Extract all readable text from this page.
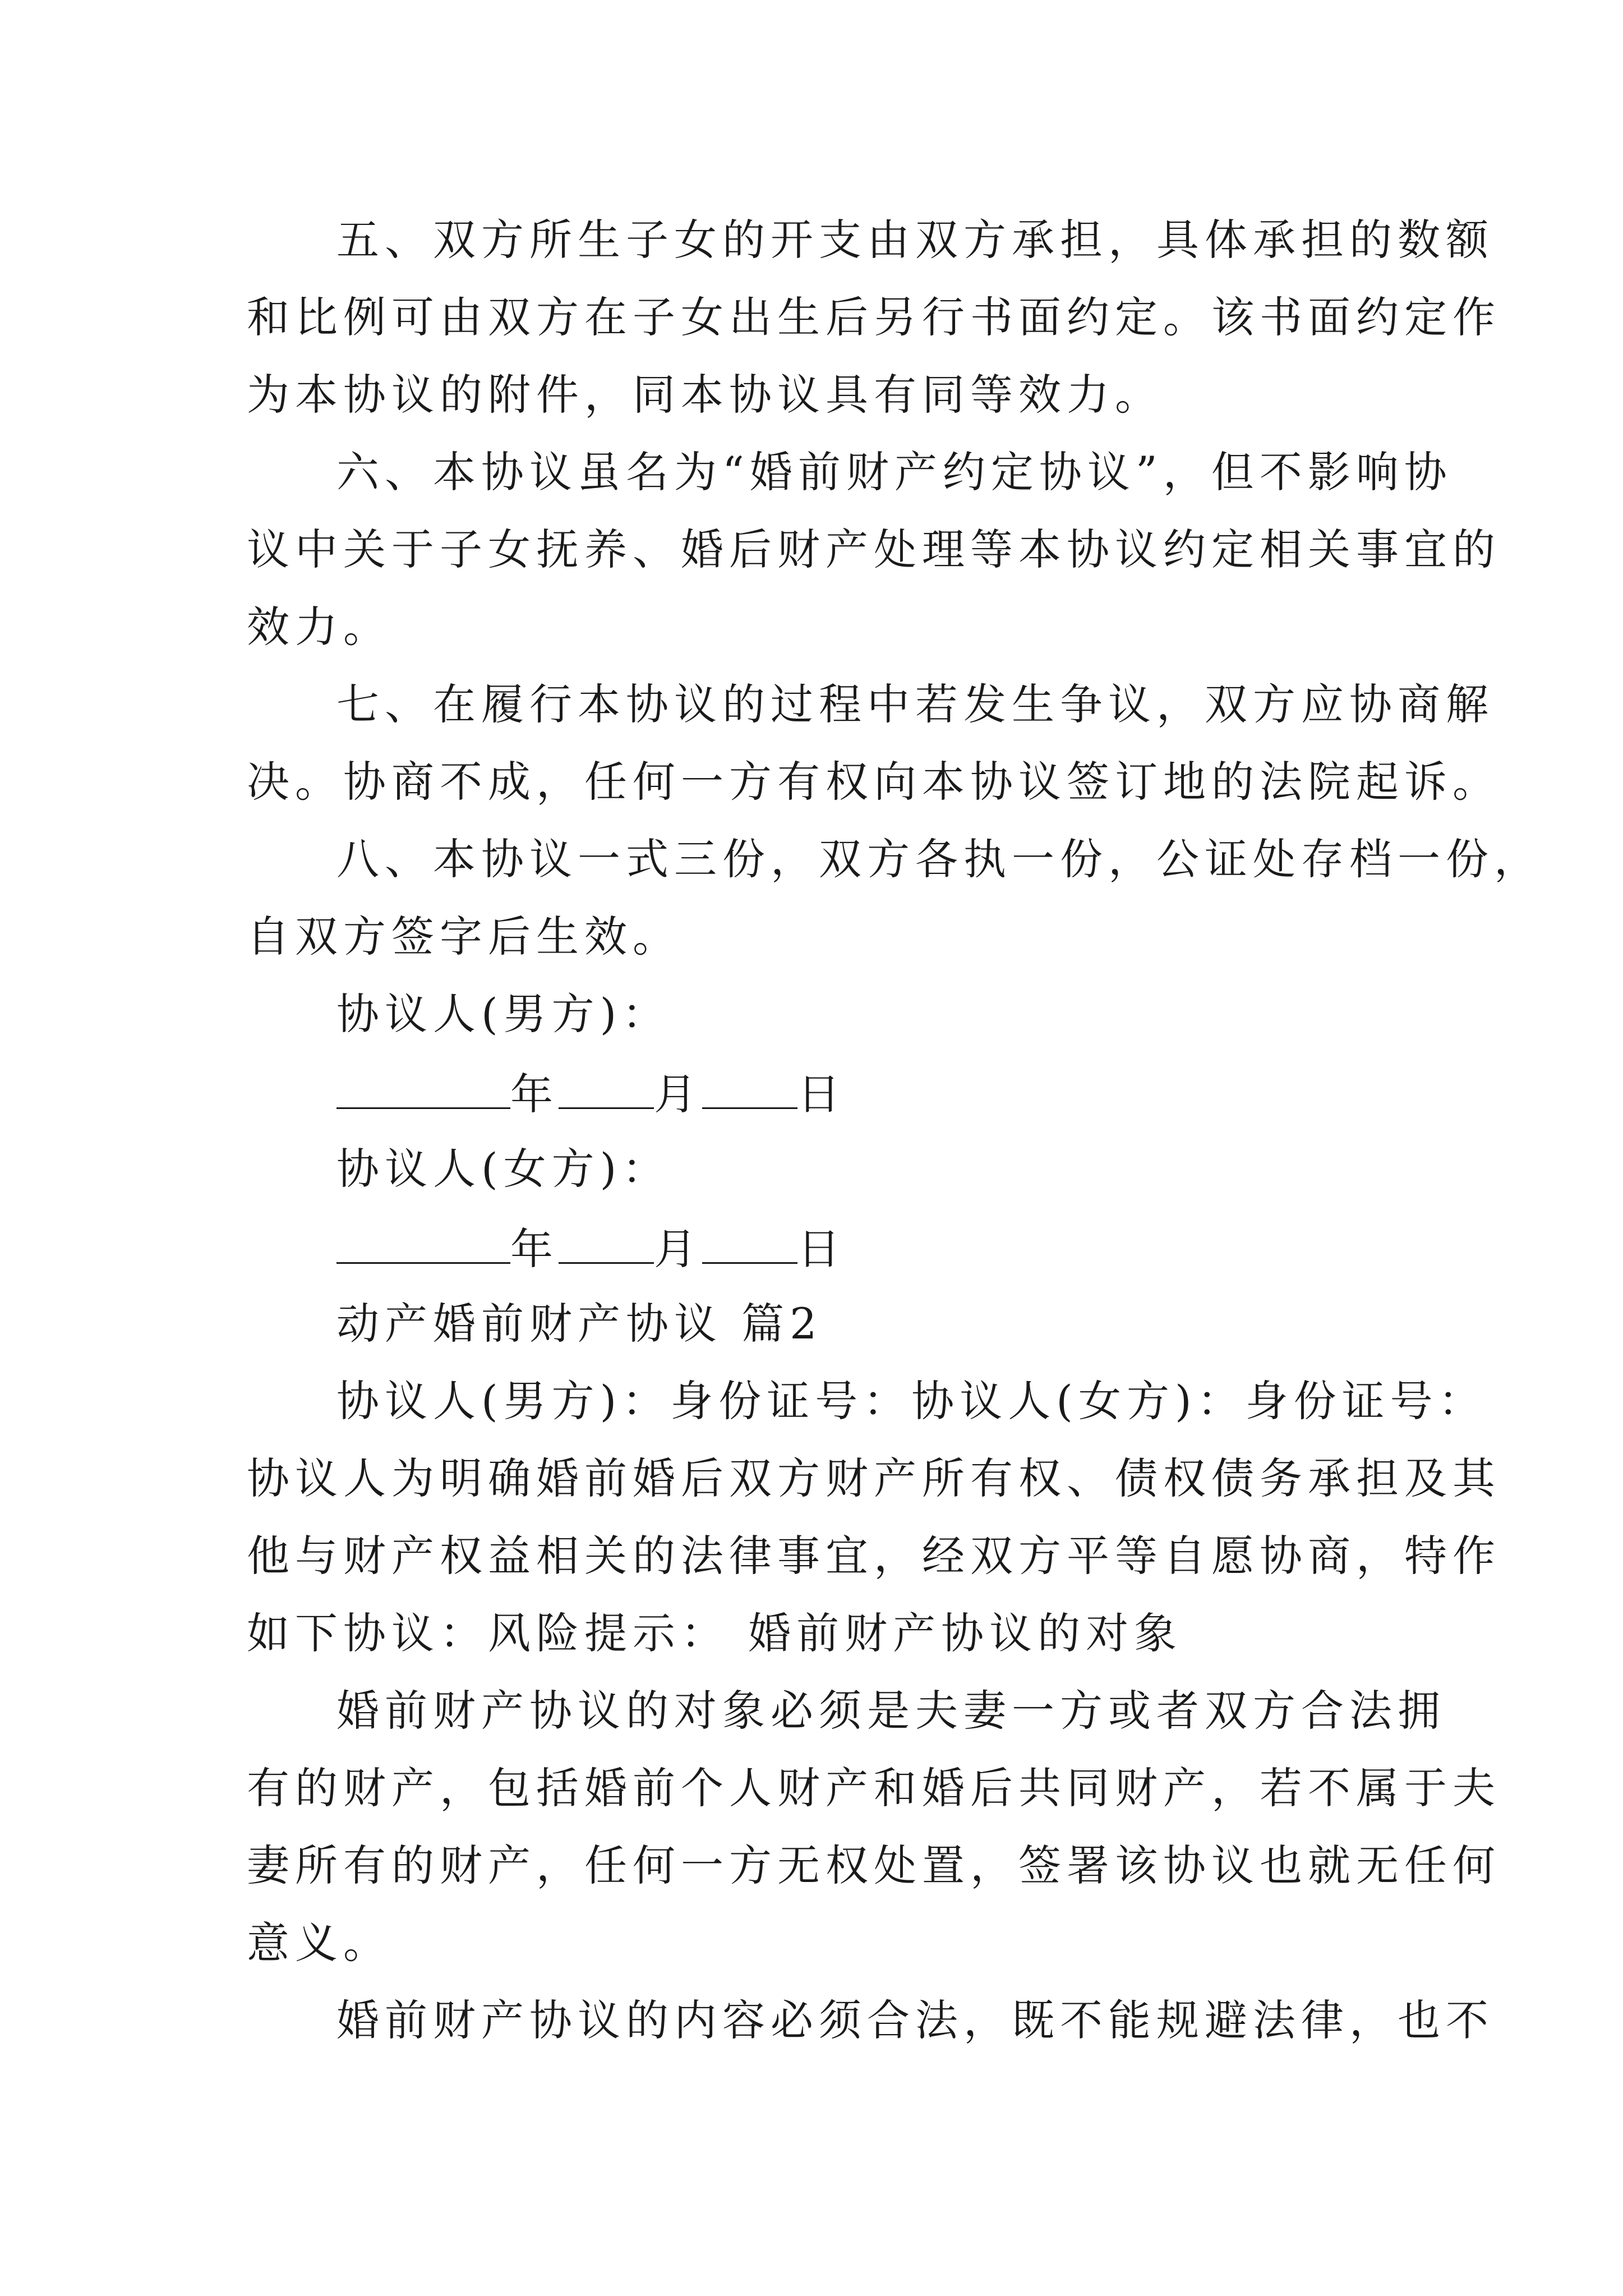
五、双方所生子女的开支由双方承担，具体承担的数额
和比例可由双方在子女出生后另行书面约定。该书面约定作
为本协议的附件，同本协议具有同等效力。
六、本协议虽名为“婚前财产约定协议”，但不影响协
议中关于子女抚养、婚后财产处理等本协议约定相关事宜的
效力。
七、在履行本协议的过程中若发生争议，双方应协商解
决。协商不成，任何一方有权向本协议签订地的法院起诉。
八、本协议一式三份，双方各执一份，公证处存档一份，
自双方签字后生效。
协议人(男方)：
年 月 日
协议人(女方)：
年 月 日
动产婚前财产协议 篇2
协议人(男方)：身份证号：协议人(女方)：身份证号：
协议人为明确婚前婚后双方财产所有权、债权债务承担及其
他与财产权益相关的法律事宜，经双方平等自愿协商，特作
如下协议：风险提示： 婚前财产协议的对象
婚前财产协议的对象必须是夫妻一方或者双方合法拥
有的财产，包括婚前个人财产和婚后共同财产，若不属于夫
妻所有的财产，任何一方无权处置，签署该协议也就无任何
意义。
婚前财产协议的内容必须合法，既不能规避法律，也不
